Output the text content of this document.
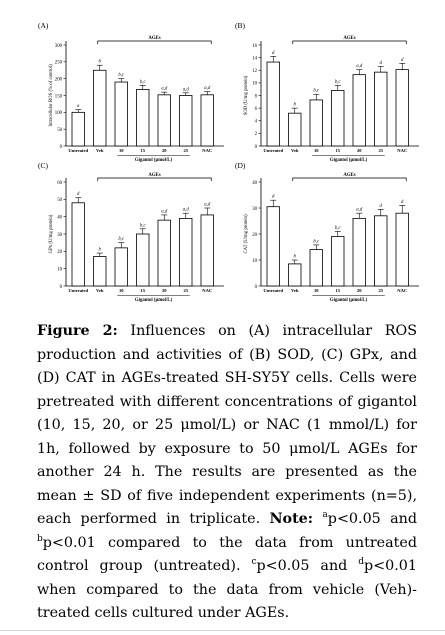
(A)
0
50
100
150
200
250
300
Intracellular ROS (% of control)	a
Untreated
b
Veh
b,c
10
b,c
15
a,d
20
a,d
25
a,d
NAC
AGEs
Gigantol (μmol/L)
(B)
0
2
4
6
8
10
12
14
16
SOD (U/mg protein)
d
Untreated
b
Veh
b,c
10
b,c
15
a,d
20
d
25
d
NAC
AGEs
Gigantol (μmol/L)
(C)
0
10
20
30
40
50
60
GPx (U/mg protein)
d
Untreated
b
Veh
b,c
10
b,c
15
a,d
20
a,d
25
a,d
NAC
AGEs
Gigantol (μmol/L)
(D)
0
10
20
30
40
CAT (U/mg protein)
d
Untreated
b
Veh
b,c
10
b,c
15
a,d
20
d
25
d
NAC
AGEs
Gigantol (μmol/L)
Figure 2: Influences on (A) intracellular ROS production and activities of (B) SOD, (C) GPx, and (D) CAT in AGEs-treated SH-SY5Y cells. Cells were pretreated with different concentrations of gigantol (10, 15, 20, or 25 μmol/L) or NAC (1 mmol/L) for 1h, followed by exposure to 50 μmol/L AGEs for another 24 h. The results are presented as the mean ± SD of five independent experiments (n=5), each performed in triplicate. Note: $^a$p<0.05 and $^b$p<0.01 compared to the data from untreated control group (untreated). $^c$p<0.05 and $^d$p<0.01 when compared to the data from vehicle (Veh)-treated cells cultured under AGEs.
